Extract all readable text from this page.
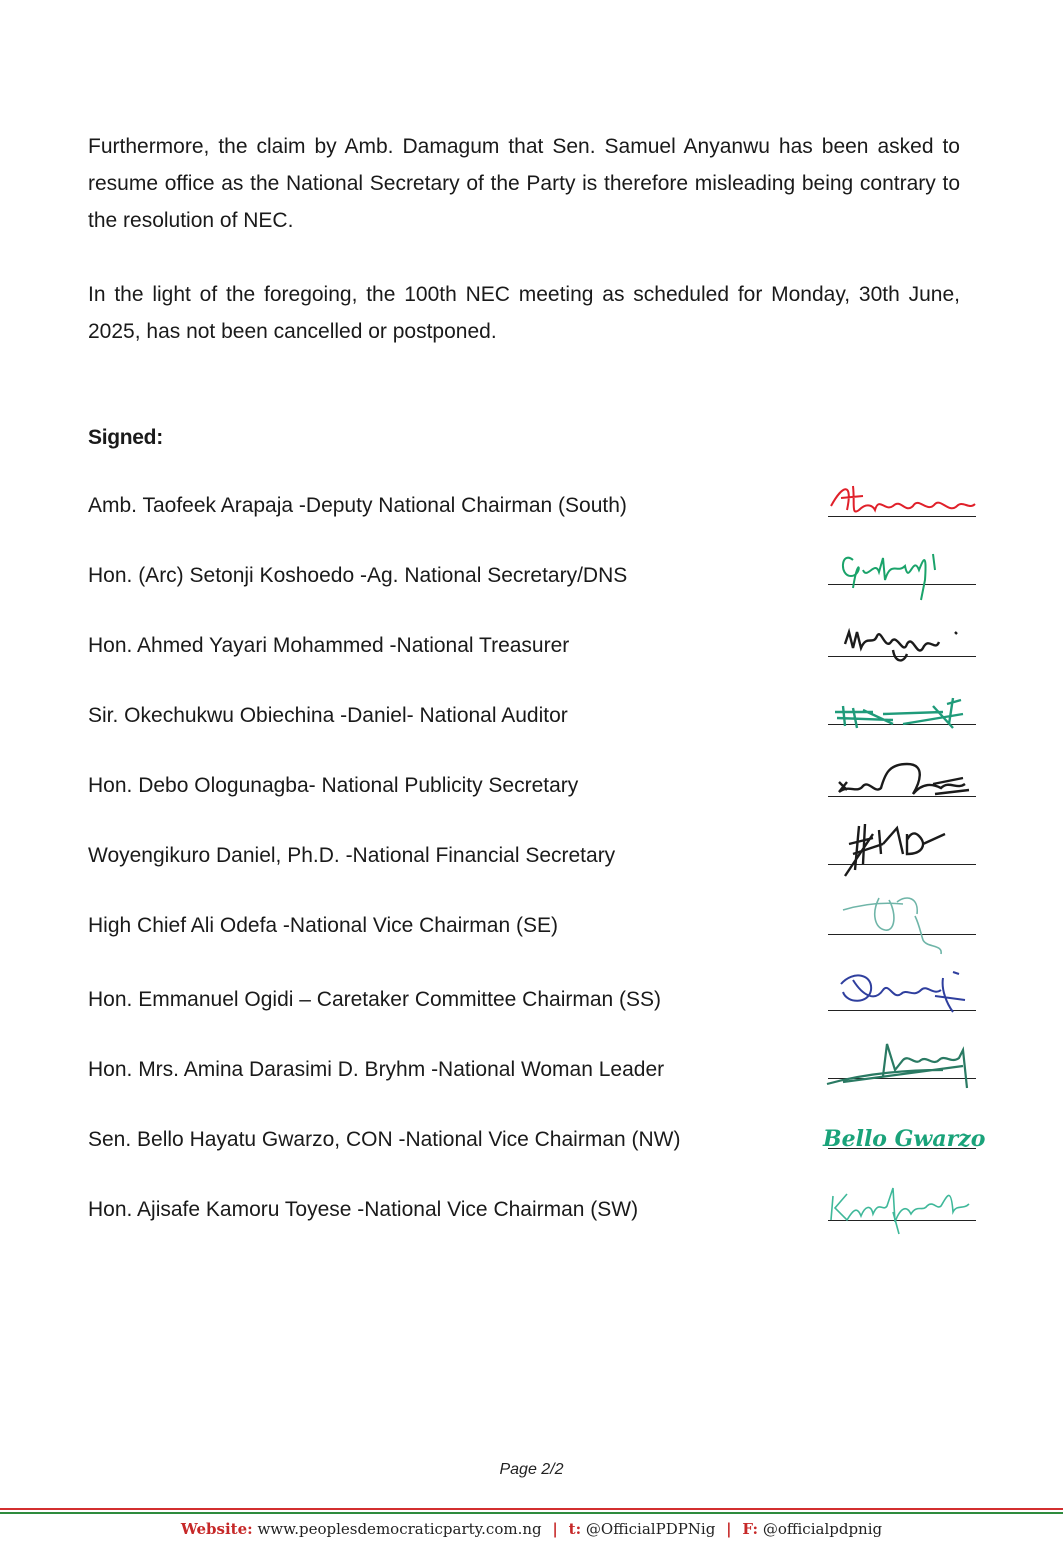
Furthermore, the claim by Amb. Damagum that Sen. Samuel Anyanwu has been asked to resume office as the National Secretary of the Party is therefore misleading being contrary to the resolution of NEC.

In the light of the foregoing, the 100th NEC meeting as scheduled for Monday, 30th June, 2025, has not been cancelled or postponed.

Signed:
Amb. Taofeek Arapaja -Deputy National Chairman (South)
Hon. (Arc) Setonji Koshoedo -Ag. National Secretary/DNS
Hon. Ahmed Yayari Mohammed -National Treasurer
Sir. Okechukwu Obiechina -Daniel- National Auditor
Hon. Debo Ologunagba- National Publicity Secretary
Woyengikuro Daniel, Ph.D. -National Financial Secretary
High Chief Ali Odefa -National Vice Chairman (SE)
Hon. Emmanuel Ogidi – Caretaker Committee Chairman (SS)
Hon. Mrs. Amina Darasimi D. Bryhm -National Woman Leader
Sen. Bello Hayatu Gwarzo, CON -National Vice Chairman (NW)	Bello Gwarzo
Hon. Ajisafe Kamoru Toyese -National Vice Chairman (SW)
Page 2/2
Website: www.peoplesdemocraticparty.com.ng | t: @OfficialPDPNig | F: @officialpdpnig
